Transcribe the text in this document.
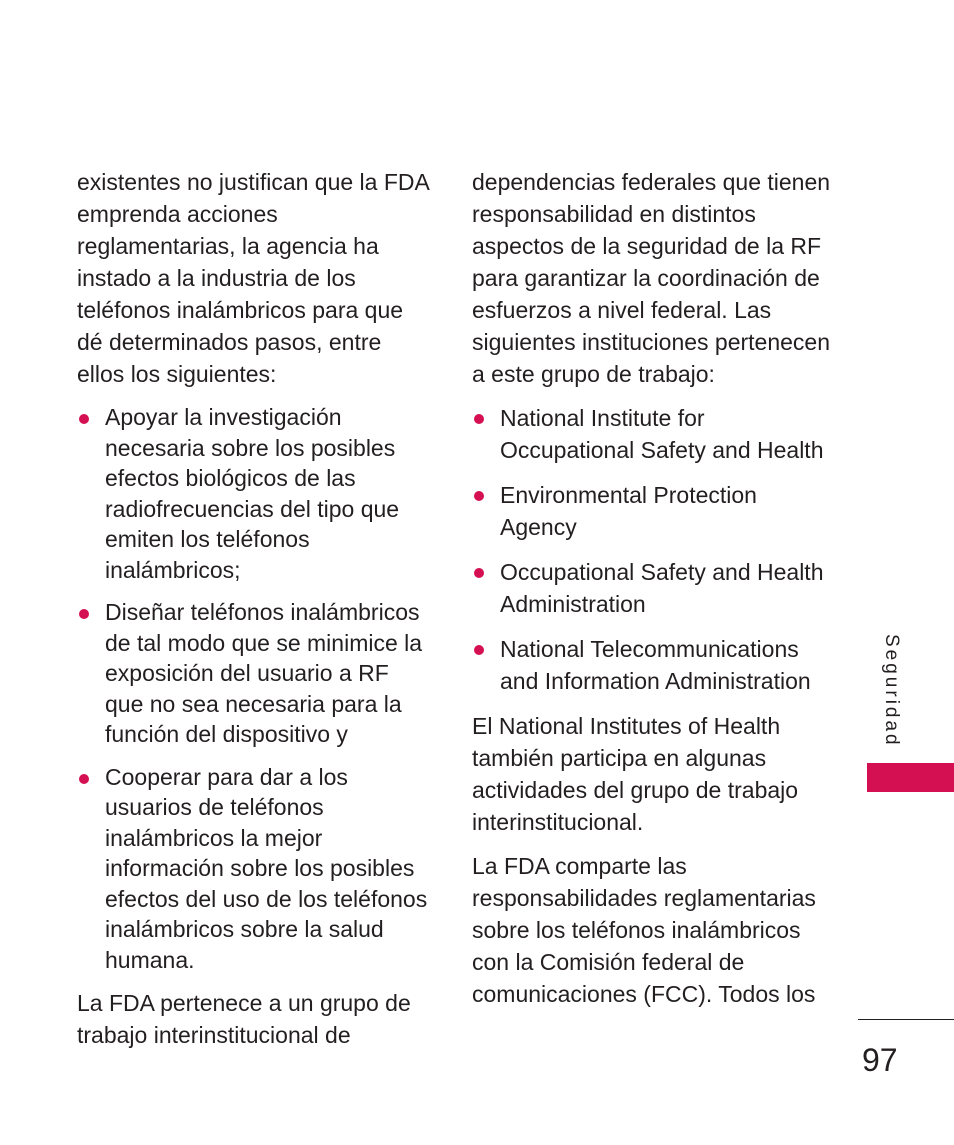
existentes no justifican que la FDA emprenda acciones reglamentarias, la agencia ha instado a la industria de los teléfonos inalámbricos para que dé determinados pasos, entre ellos los siguientes:

Apoyar la investigación necesaria sobre los posibles efectos biológicos de las radiofrecuencias del tipo que emiten los teléfonos inalámbricos;
Diseñar teléfonos inalámbricos de tal modo que se minimice la exposición del usuario a RF que no sea necesaria para la función del dispositivo y
Cooperar para dar a los usuarios de teléfonos inalámbricos la mejor información sobre los posibles efectos del uso de los teléfonos inalámbricos sobre la salud humana.

La FDA pertenece a un grupo de trabajo interinstitucional de

dependencias federales que tienen responsabilidad en distintos aspectos de la seguridad de la RF para garantizar la coordinación de esfuerzos a nivel federal. Las siguientes instituciones pertenecen a este grupo de trabajo:

National Institute for Occupational Safety and Health
Environmental Protection Agency
Occupational Safety and Health Administration
National Telecommunications and Information Administration

El National Institutes of Health también participa en algunas actividades del grupo de trabajo interinstitucional.

La FDA comparte las responsabilidades reglamentarias sobre los teléfonos inalámbricos con la Comisión federal de comunicaciones (FCC). Todos los

Seguridad
97
